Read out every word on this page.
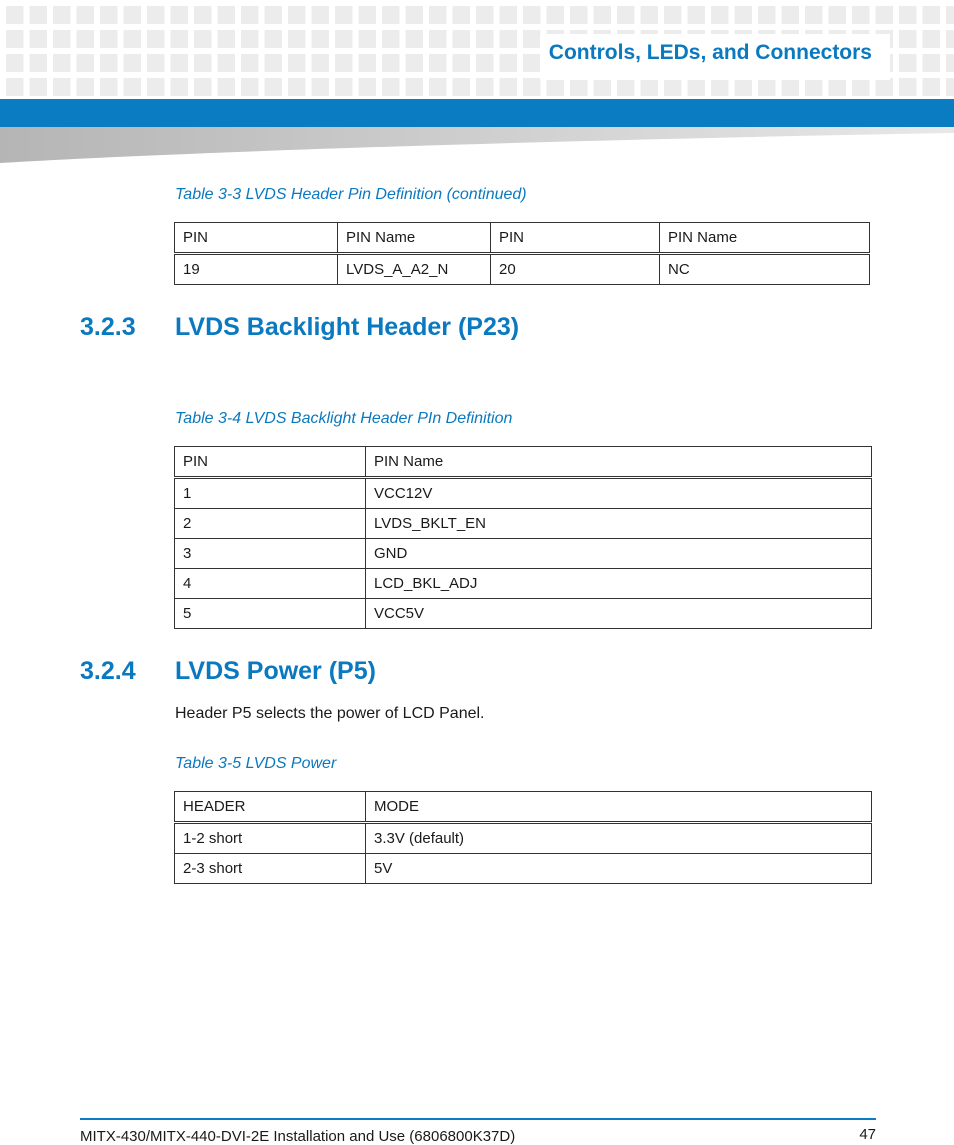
Controls, LEDs, and Connectors
Table 3-3 LVDS Header Pin Definition (continued)
PIN	PIN Name	PIN	PIN Name
19	LVDS_A_A2_N	20	NC
3.2.3 LVDS Backlight Header (P23)
Table 3-4 LVDS Backlight Header PIn Definition
PIN	PIN Name
1	VCC12V
2	LVDS_BKLT_EN
3	GND
4	LCD_BKL_ADJ
5	VCC5V
3.2.4 LVDS Power (P5)
Header P5 selects the power of LCD Panel.
Table 3-5 LVDS Power
HEADER	MODE
1-2 short	3.3V (default)
2-3 short	5V
MITX-430/MITX-440-DVI-2E Installation and Use (6806800K37D)	47
